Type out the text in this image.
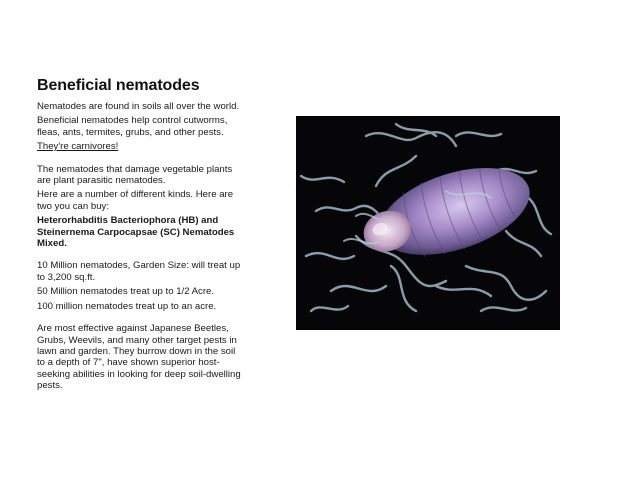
Beneficial nematodes

Nematodes are found in soils all over the world.

Beneficial nematodes help control cutworms, fleas, ants, termites, grubs, and other pests.

They're carnivores!

The nematodes that damage vegetable plants are plant parasitic nematodes.

Here are a number of different kinds. Here are two you can buy:

Heterorhabditis Bacteriophora (HB) and Steinernema Carpocapsae (SC) Nematodes Mixed.

10 Million nematodes, Garden Size: will treat up to 3,200 sq.ft.

50 Million nematodes treat up to 1/2 Acre.

100 million nematodes treat up to an acre.

Are most effective against Japanese Beetles, Grubs, Weevils, and many other target pests in lawn and garden. They burrow down in the soil to a depth of 7", have shown superior host-seeking abilities in looking for deep soil-dwelling pests.
